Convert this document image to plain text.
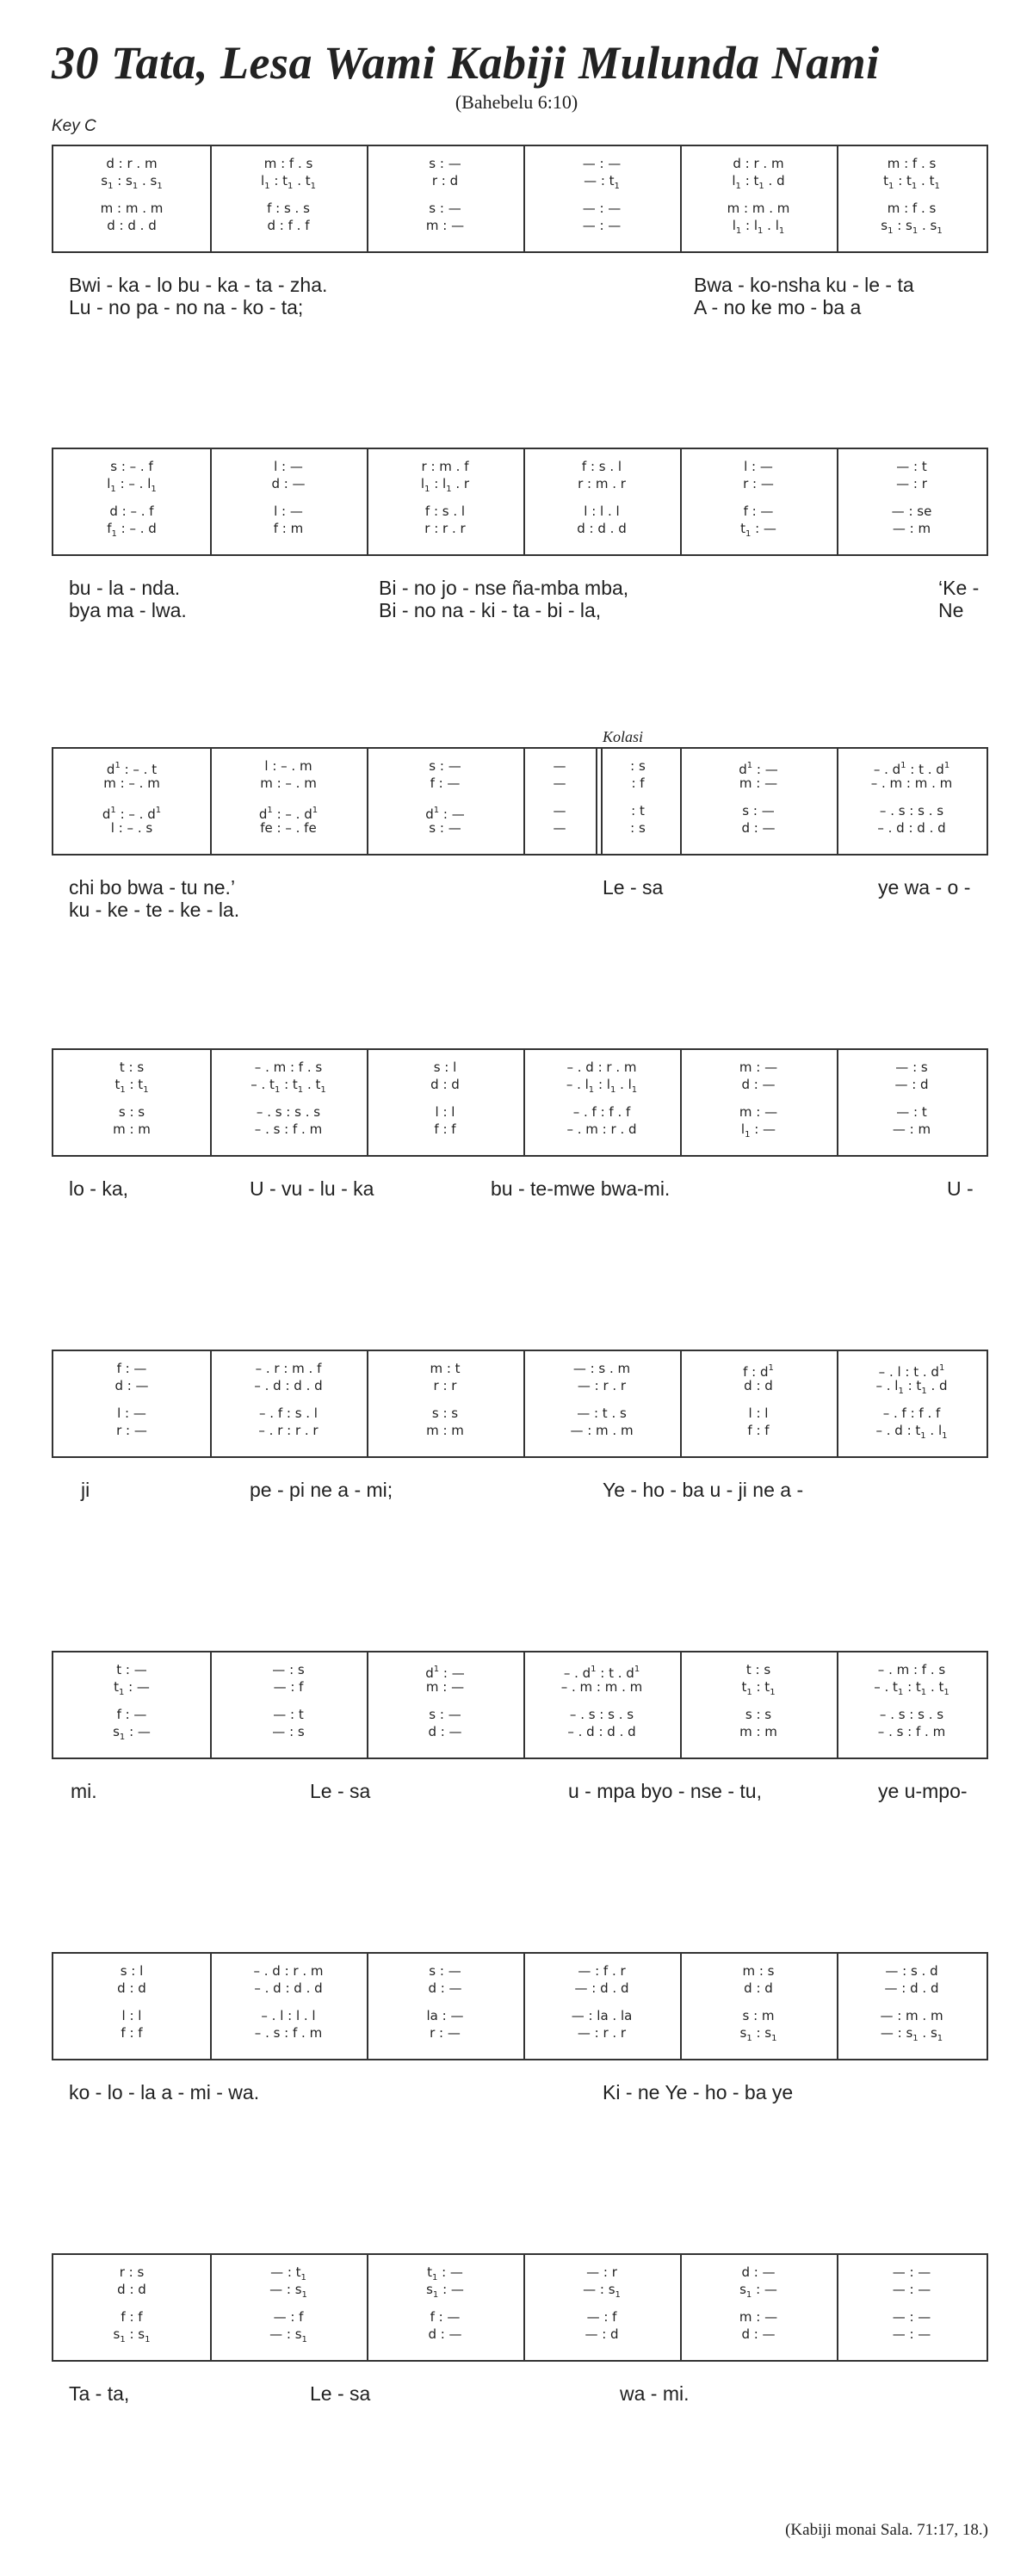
30 Tata, Lesa Wami Kabiji Mulunda Nami
(Bahebelu 6:10)
Key C
d : r . m	m : f . s	s : —	— : —	d : r . m	m : f . s
$s_1$ : $s_1$ . $s_1$	$l_1$ : $t_1$ . $t_1$	r : d	— : $t_1$	$l_1$ : $t_1$ . d	$t_1$ : $t_1$ . $t_1$
m : m . m	f : s . s	s : —	— : —	m : m . m	m : f . s
d : d . d	d : f . f	m : —	— : —	$l_1$ : $l_1$ . $l_1$	$s_1$ : $s_1$ . $s_1$
Bwi - ka - lo bu - ka - ta - zha.	Bwa - ko-nsha ku - le - ta
Lu - no pa - no na - ko - ta;	A - no ke mo - ba a
s : – . f	l : —	r : m . f	f : s . l	l : —	— : t
$l_1$ : – . $l_1$	d : —	$l_1$ : $l_1$ . r	r : m . r	r : —	— : r
d : – . f	l : —	f : s . l	l : l . l	f : —	— : se
$f_1$ : – . d	f : m	r : r . r	d : d . d	$t_1$ : —	— : m
bu - la - nda.	Bi - no jo - nse ña-mba mba,	‘Ke -
bya ma - lwa.	Bi - no na - ki - ta - bi - la,	Ne
$d^1$ : – . t	l : – . m	s : —	—	: s	$d^1$ : —	– . $d^1$ : t . $d^1$
m : – . m	m : – . m	f : —	—	: f	m : —	– . m : m . m
$d^1$ : – . $d^1$	$d^1$ : – . $d^1$	$d^1$ : —	—	: t	s : —	– . s : s . s
l : – . s	fe : – . fe	s : —	—	: s	d : —	– . d : d . d
Kolasi
chi bo bwa - tu ne.’	Le - sa	ye wa - o -
ku - ke - te - ke - la.
t : s	– . m : f . s	s : l	– . d : r . m	m : —	— : s
$t_1$ : $t_1$	– . $t_1$ : $t_1$ . $t_1$	d : d	– . $l_1$ : $l_1$ . $l_1$	d : —	— : d
s : s	– . s : s . s	l : l	– . f : f . f	m : —	— : t
m : m	– . s : f . m	f : f	– . m : r . d	$l_1$ : —	— : m
lo - ka,	U - vu - lu - ka	bu - te-mwe bwa-mi.	U -
f : —	– . r : m . f	m : t	— : s . m	f : $d^1$	– . l : t . $d^1$
d : —	– . d : d . d	r : r	— : r . r	d : d	– . $l_1$ : $t_1$ . d
l : —	– . f : s . l	s : s	— : t . s	l : l	– . f : f . f
r : —	– . r : r . r	m : m	— : m . m	f : f	– . d : $t_1$ . $l_1$
ji	pe - pi ne a - mi;	Ye - ho - ba u - ji ne a -
t : —	— : s	$d^1$ : —	– . $d^1$ : t . $d^1$	t : s	– . m : f . s
$t_1$ : —	— : f	m : —	– . m : m . m	$t_1$ : $t_1$	– . $t_1$ : $t_1$ . $t_1$
f : —	— : t	s : —	– . s : s . s	s : s	– . s : s . s
$s_1$ : —	— : s	d : —	– . d : d . d	m : m	– . s : f . m
mi.	Le - sa	u - mpa byo - nse - tu,	ye u-mpo-
s : l	– . d : r . m	s : —	— : f . r	m : s	— : s . d
d : d	– . d : d . d	d : —	— : d . d	d : d	— : d . d
l : l	– . l : l . l	la : —	— : la . la	s : m	— : m . m
f : f	– . s : f . m	r : —	— : r . r	$s_1$ : $s_1$	— : $s_1$ . $s_1$
ko - lo - la a - mi - wa.	Ki - ne Ye - ho - ba ye
r : s	— : $t_1$	$t_1$ : —	— : r	d : —	— : —
d : d	— : $s_1$	$s_1$ : —	— : $s_1$	$s_1$ : —	— : —
f : f	— : f	f : —	— : f	m : —	— : —
$s_1$ : $s_1$	— : $s_1$	d : —	— : d	d : —	— : —
Ta - ta,	Le - sa	wa - mi.
(Kabiji monai Sala. 71:17, 18.)
